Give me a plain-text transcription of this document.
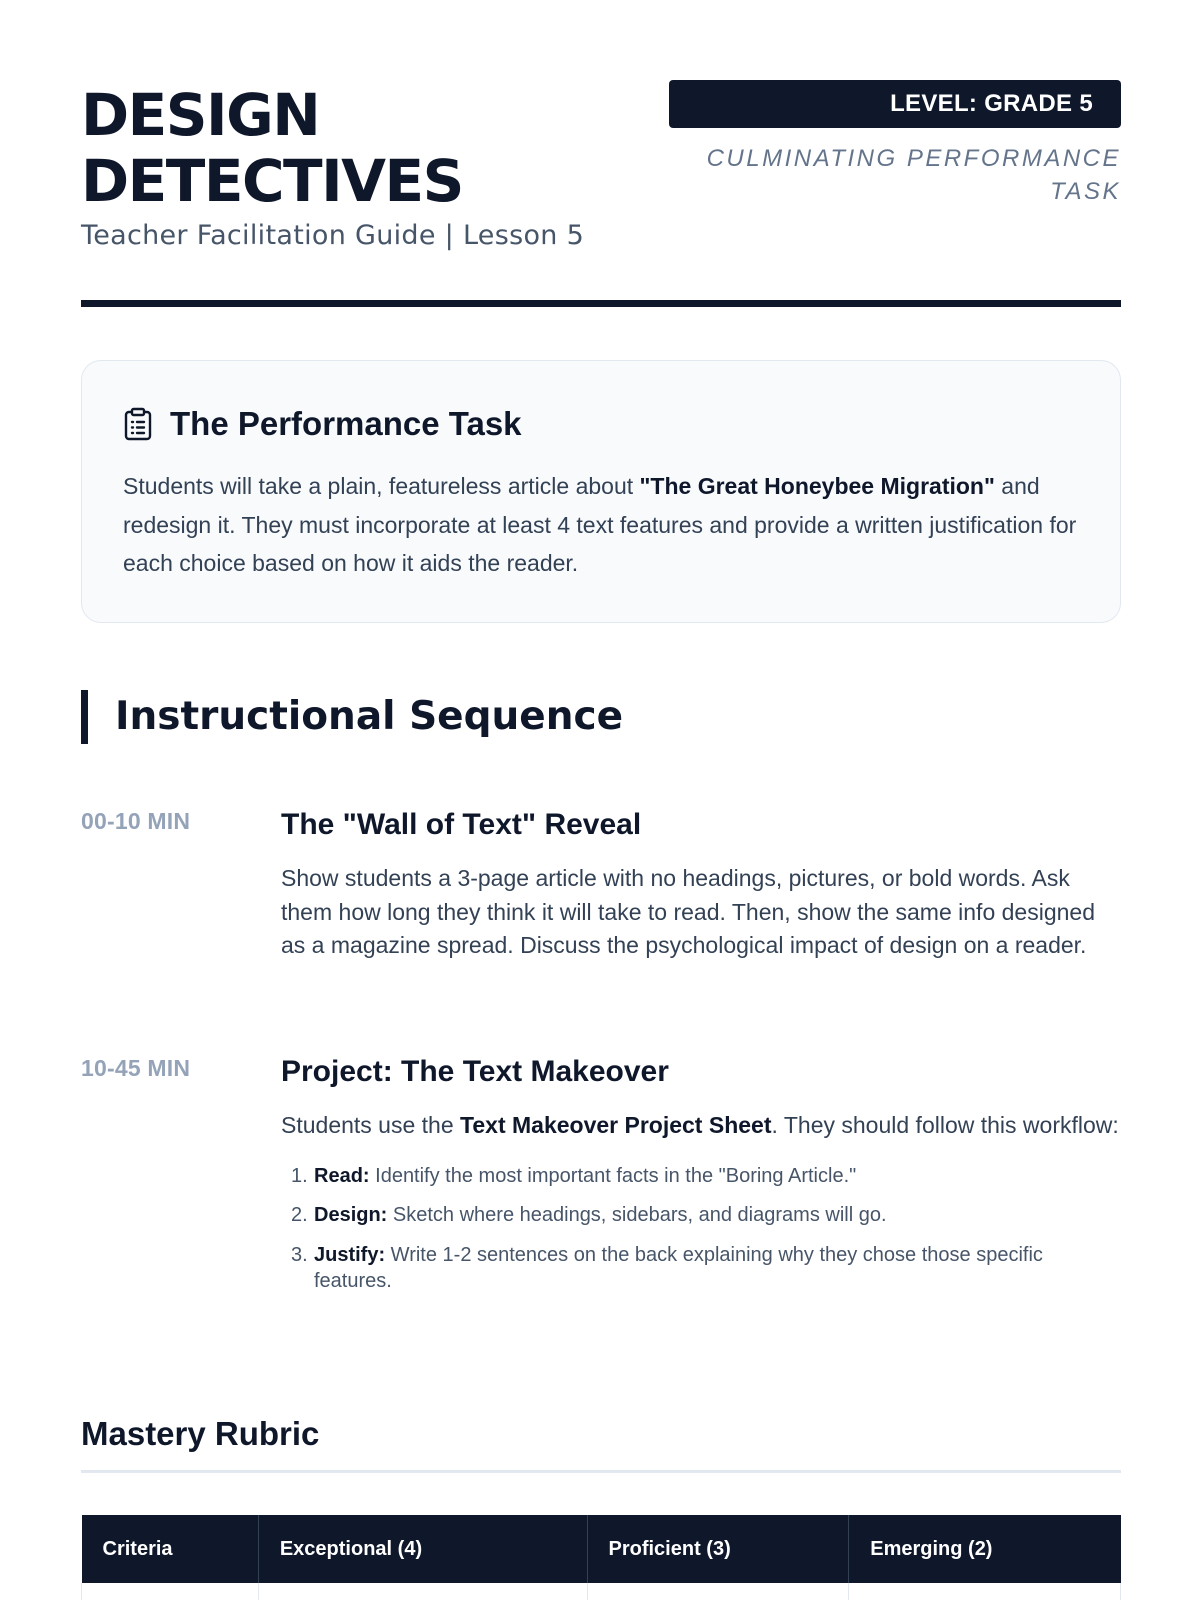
DESIGN DETECTIVES
Teacher Facilitation Guide | Lesson 5
LEVEL: GRADE 5
CULMINATING PERFORMANCE TASK
The Performance Task

Students will take a plain, featureless article about "The Great Honeybee Migration" and redesign it. They must incorporate at least 4 text features and provide a written justification for each choice based on how it aids the reader.

Instructional Sequence
00-10 MIN	The "Wall of Text" Reveal

Show students a 3-page article with no headings, pictures, or bold words. Ask them how long they think it will take to read. Then, show the same info designed as a magazine spread. Discuss the psychological impact of design on a reader.

10-45 MIN	Project: The Text Makeover

Students use the Text Makeover Project Sheet. They should follow this workflow:

1. Read: Identify the most important facts in the "Boring Article."
2. Design: Sketch where headings, sidebars, and diagrams will go.
3. Justify: Write 1-2 sentences on the back explaining why they chose those specific features.
Mastery Rubric
Criteria	Exceptional (4)	Proficient (3)	Emerging (2)
